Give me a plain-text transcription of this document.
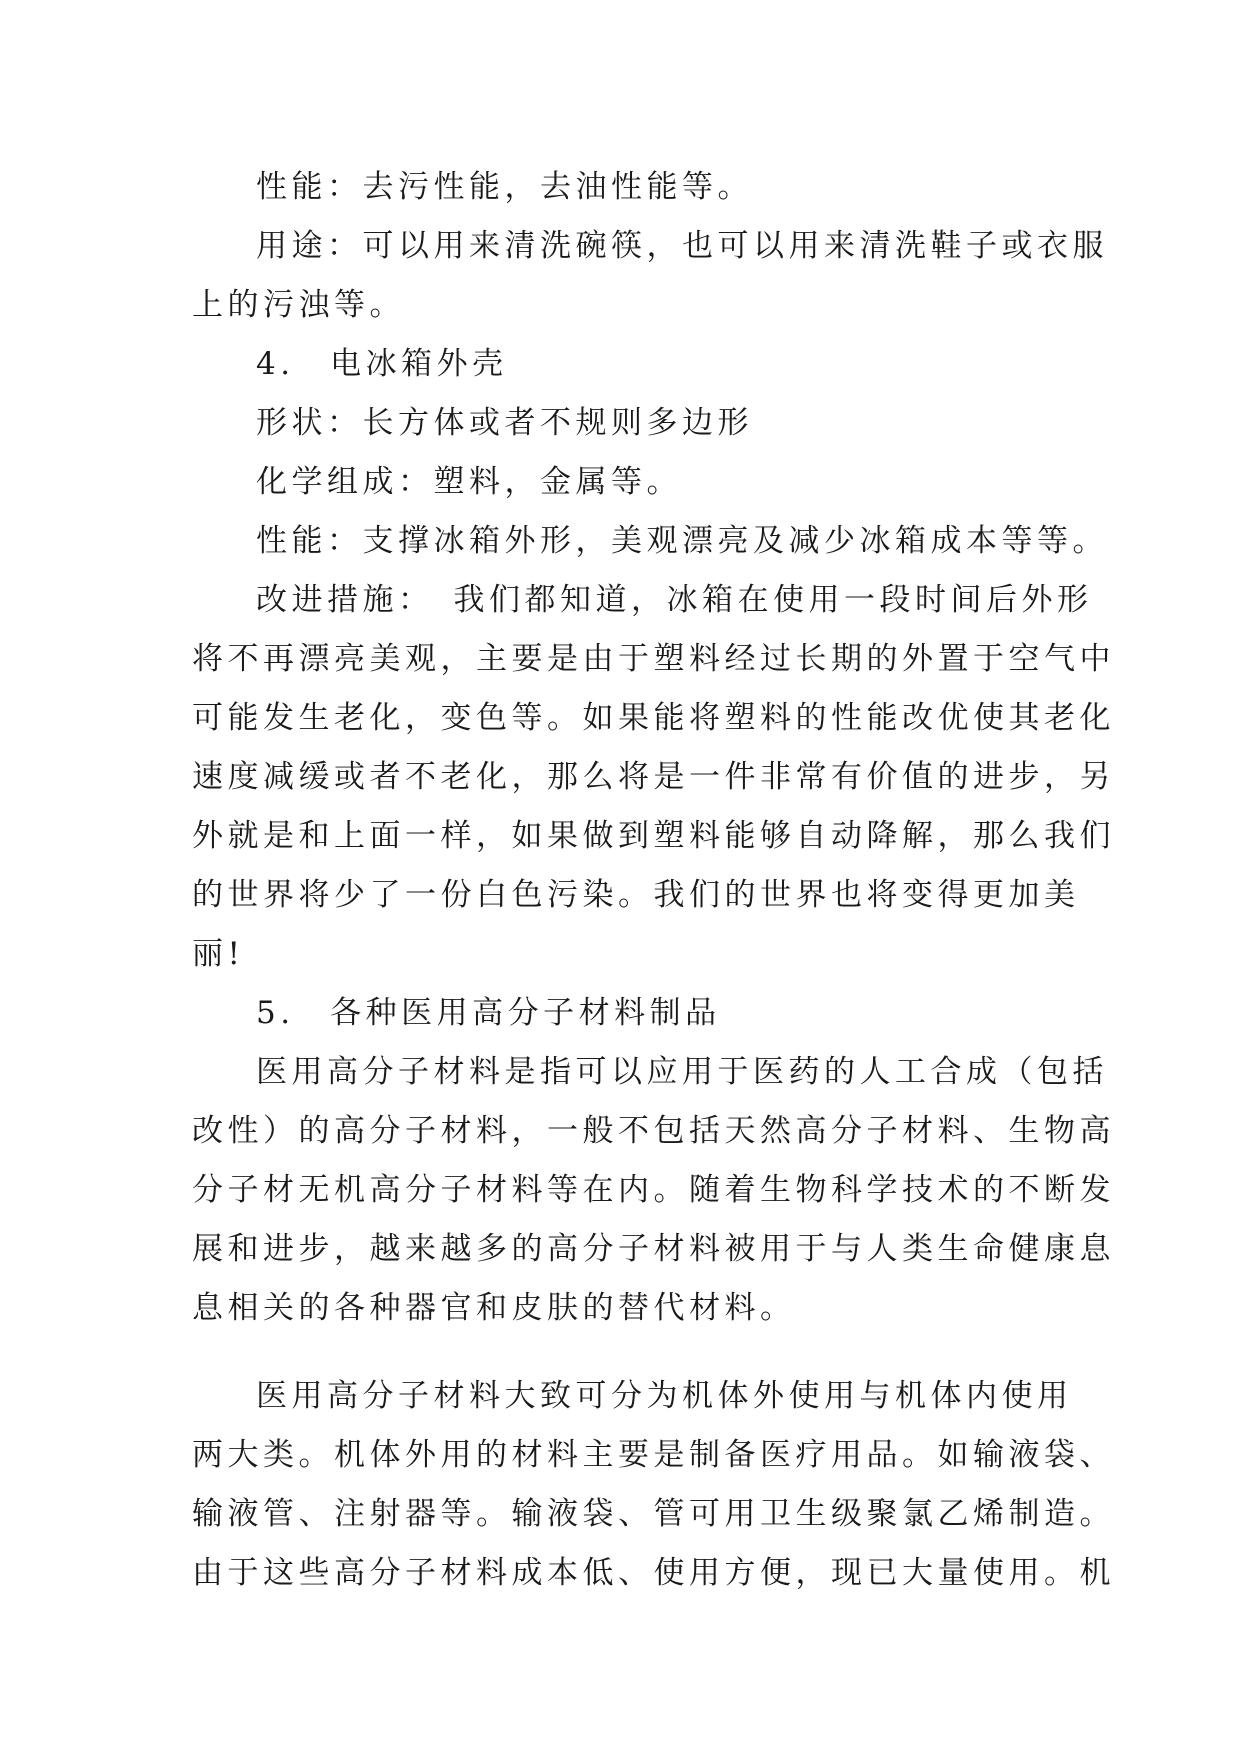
性能：去污性能，去油性能等。
用途：可以用来清洗碗筷，也可以用来清洗鞋子或衣服
上的污浊等。
4.　电冰箱外壳
形状：长方体或者不规则多边形
化学组成：塑料，金属等。
性能：支撑冰箱外形，美观漂亮及减少冰箱成本等等。
改进措施：　我们都知道，冰箱在使用一段时间后外形
将不再漂亮美观，主要是由于塑料经过长期的外置于空气中
可能发生老化，变色等。如果能将塑料的性能改优使其老化
速度减缓或者不老化，那么将是一件非常有价值的进步，另
外就是和上面一样，如果做到塑料能够自动降解，那么我们
的世界将少了一份白色污染。我们的世界也将变得更加美
丽!
5.　各种医用高分子材料制品
医用高分子材料是指可以应用于医药的人工合成（包括
改性）的高分子材料，一般不包括天然高分子材料、生物高
分子材无机高分子材料等在内。随着生物科学技术的不断发
展和进步，越来越多的高分子材料被用于与人类生命健康息
息相关的各种器官和皮肤的替代材料。
医用高分子材料大致可分为机体外使用与机体内使用
两大类。机体外用的材料主要是制备医疗用品。如输液袋、
输液管、注射器等。输液袋、管可用卫生级聚氯乙烯制造。
由于这些高分子材料成本低、使用方便，现已大量使用。机
